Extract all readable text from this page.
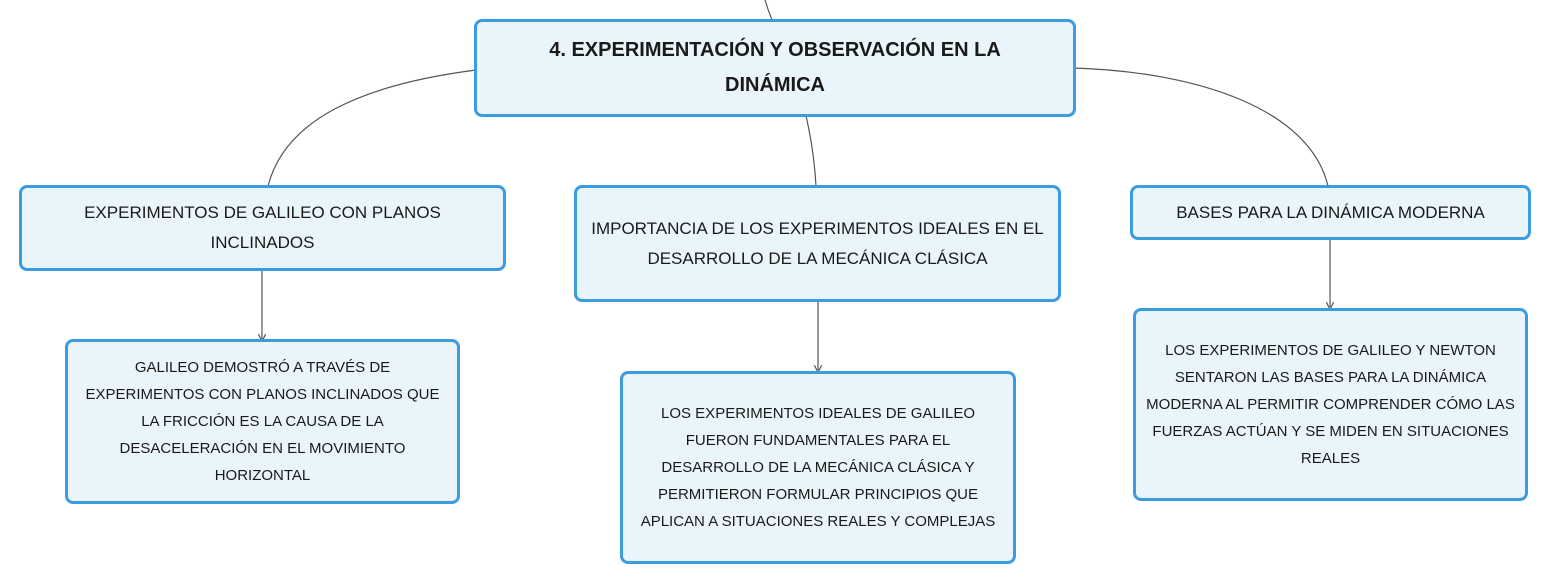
4. EXPERIMENTACIÓN Y OBSERVACIÓN EN LA DINÁMICA
EXPERIMENTOS DE GALILEO CON PLANOS INCLINADOS
IMPORTANCIA DE LOS EXPERIMENTOS IDEALES EN EL DESARROLLO DE LA MECÁNICA CLÁSICA
BASES PARA LA DINÁMICA MODERNA
GALILEO DEMOSTRÓ A TRAVÉS DE EXPERIMENTOS CON PLANOS INCLINADOS QUE LA FRICCIÓN ES LA CAUSA DE LA DESACELERACIÓN EN EL MOVIMIENTO HORIZONTAL
LOS EXPERIMENTOS IDEALES DE GALILEO FUERON FUNDAMENTALES PARA EL DESARROLLO DE LA MECÁNICA CLÁSICA Y PERMITIERON FORMULAR PRINCIPIOS QUE APLICAN A SITUACIONES REALES Y COMPLEJAS
LOS EXPERIMENTOS DE GALILEO Y NEWTON SENTARON LAS BASES PARA LA DINÁMICA MODERNA AL PERMITIR COMPRENDER CÓMO LAS FUERZAS ACTÚAN Y SE MIDEN EN SITUACIONES REALES
